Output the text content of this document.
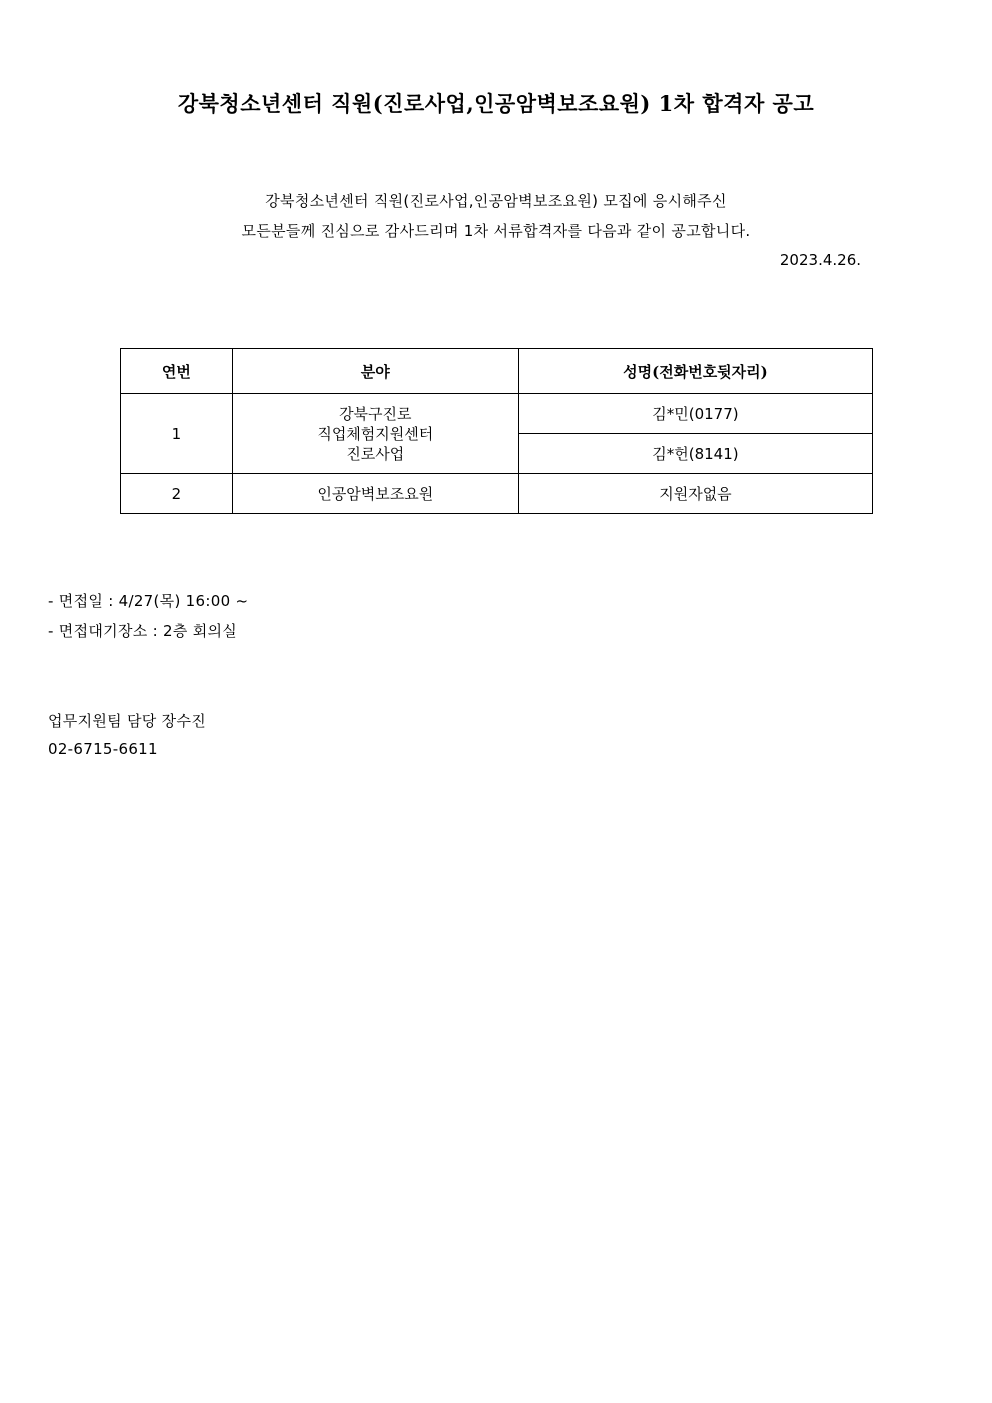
강북청소년센터 직원(진로사업,인공암벽보조요원) 1차 합격자 공고
강북청소년센터 직원(진로사업,인공암벽보조요원) 모집에 응시해주신
모든분들께 진심으로 감사드리며 1차 서류합격자를 다음과 같이 공고합니다.
2023.4.26.
연번	분야	성명(전화번호뒷자리)
1	강북구진로
직업체험지원센터
진로사업	김*민(0177)
		김*헌(8141)
2	인공암벽보조요원	지원자없음
- 면접일 : 4/27(목) 16:00 ~
- 면접대기장소 : 2층 회의실
업무지원팀 담당 장수진
02-6715-6611
